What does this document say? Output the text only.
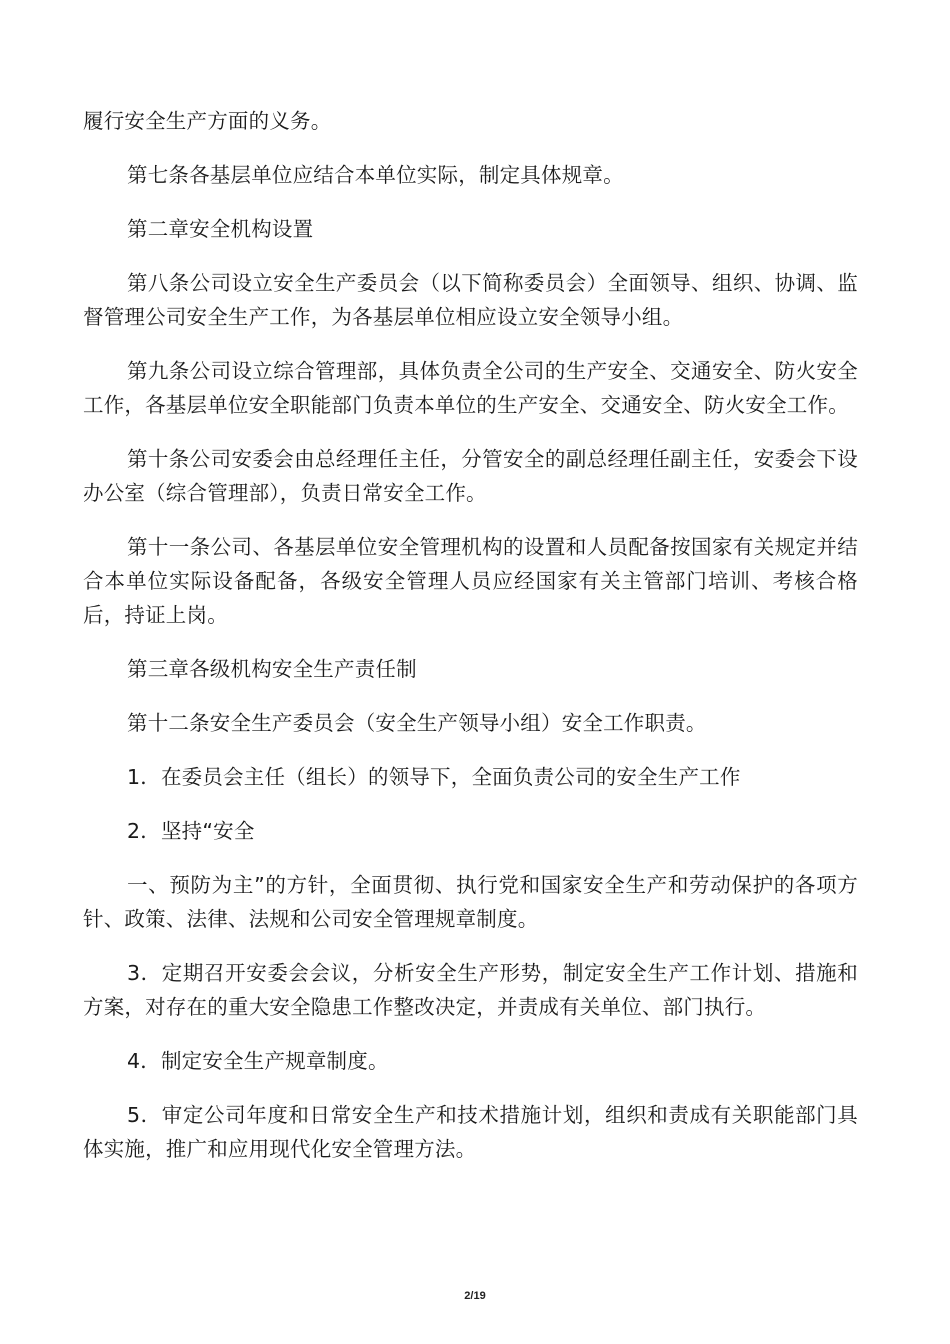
履行安全生产方面的义务。

第七条各基层单位应结合本单位实际，制定具体规章。

第二章安全机构设置

第八条公司设立安全生产委员会（以下简称委员会）全面领导、组织、协调、监督管理公司安全生产工作，为各基层单位相应设立安全领导小组。

第九条公司设立综合管理部，具体负责全公司的生产安全、交通安全、防火安全工作，各基层单位安全职能部门负责本单位的生产安全、交通安全、防火安全工作。

第十条公司安委会由总经理任主任，分管安全的副总经理任副主任，安委会下设办公室（综合管理部），负责日常安全工作。

第十一条公司、各基层单位安全管理机构的设置和人员配备按国家有关规定并结合本单位实际设备配备，各级安全管理人员应经国家有关主管部门培训、考核合格后，持证上岗。

第三章各级机构安全生产责任制

第十二条安全生产委员会（安全生产领导小组）安全工作职责。

1．在委员会主任（组长）的领导下，全面负责公司的安全生产工作

2．坚持“安全

一、预防为主”的方针，全面贯彻、执行党和国家安全生产和劳动保护的各项方针、政策、法律、法规和公司安全管理规章制度。

3．定期召开安委会会议，分析安全生产形势，制定安全生产工作计划、措施和方案，对存在的重大安全隐患工作整改决定，并责成有关单位、部门执行。

4．制定安全生产规章制度。

5．审定公司年度和日常安全生产和技术措施计划，组织和责成有关职能部门具体实施，推广和应用现代化安全管理方法。

2/19
